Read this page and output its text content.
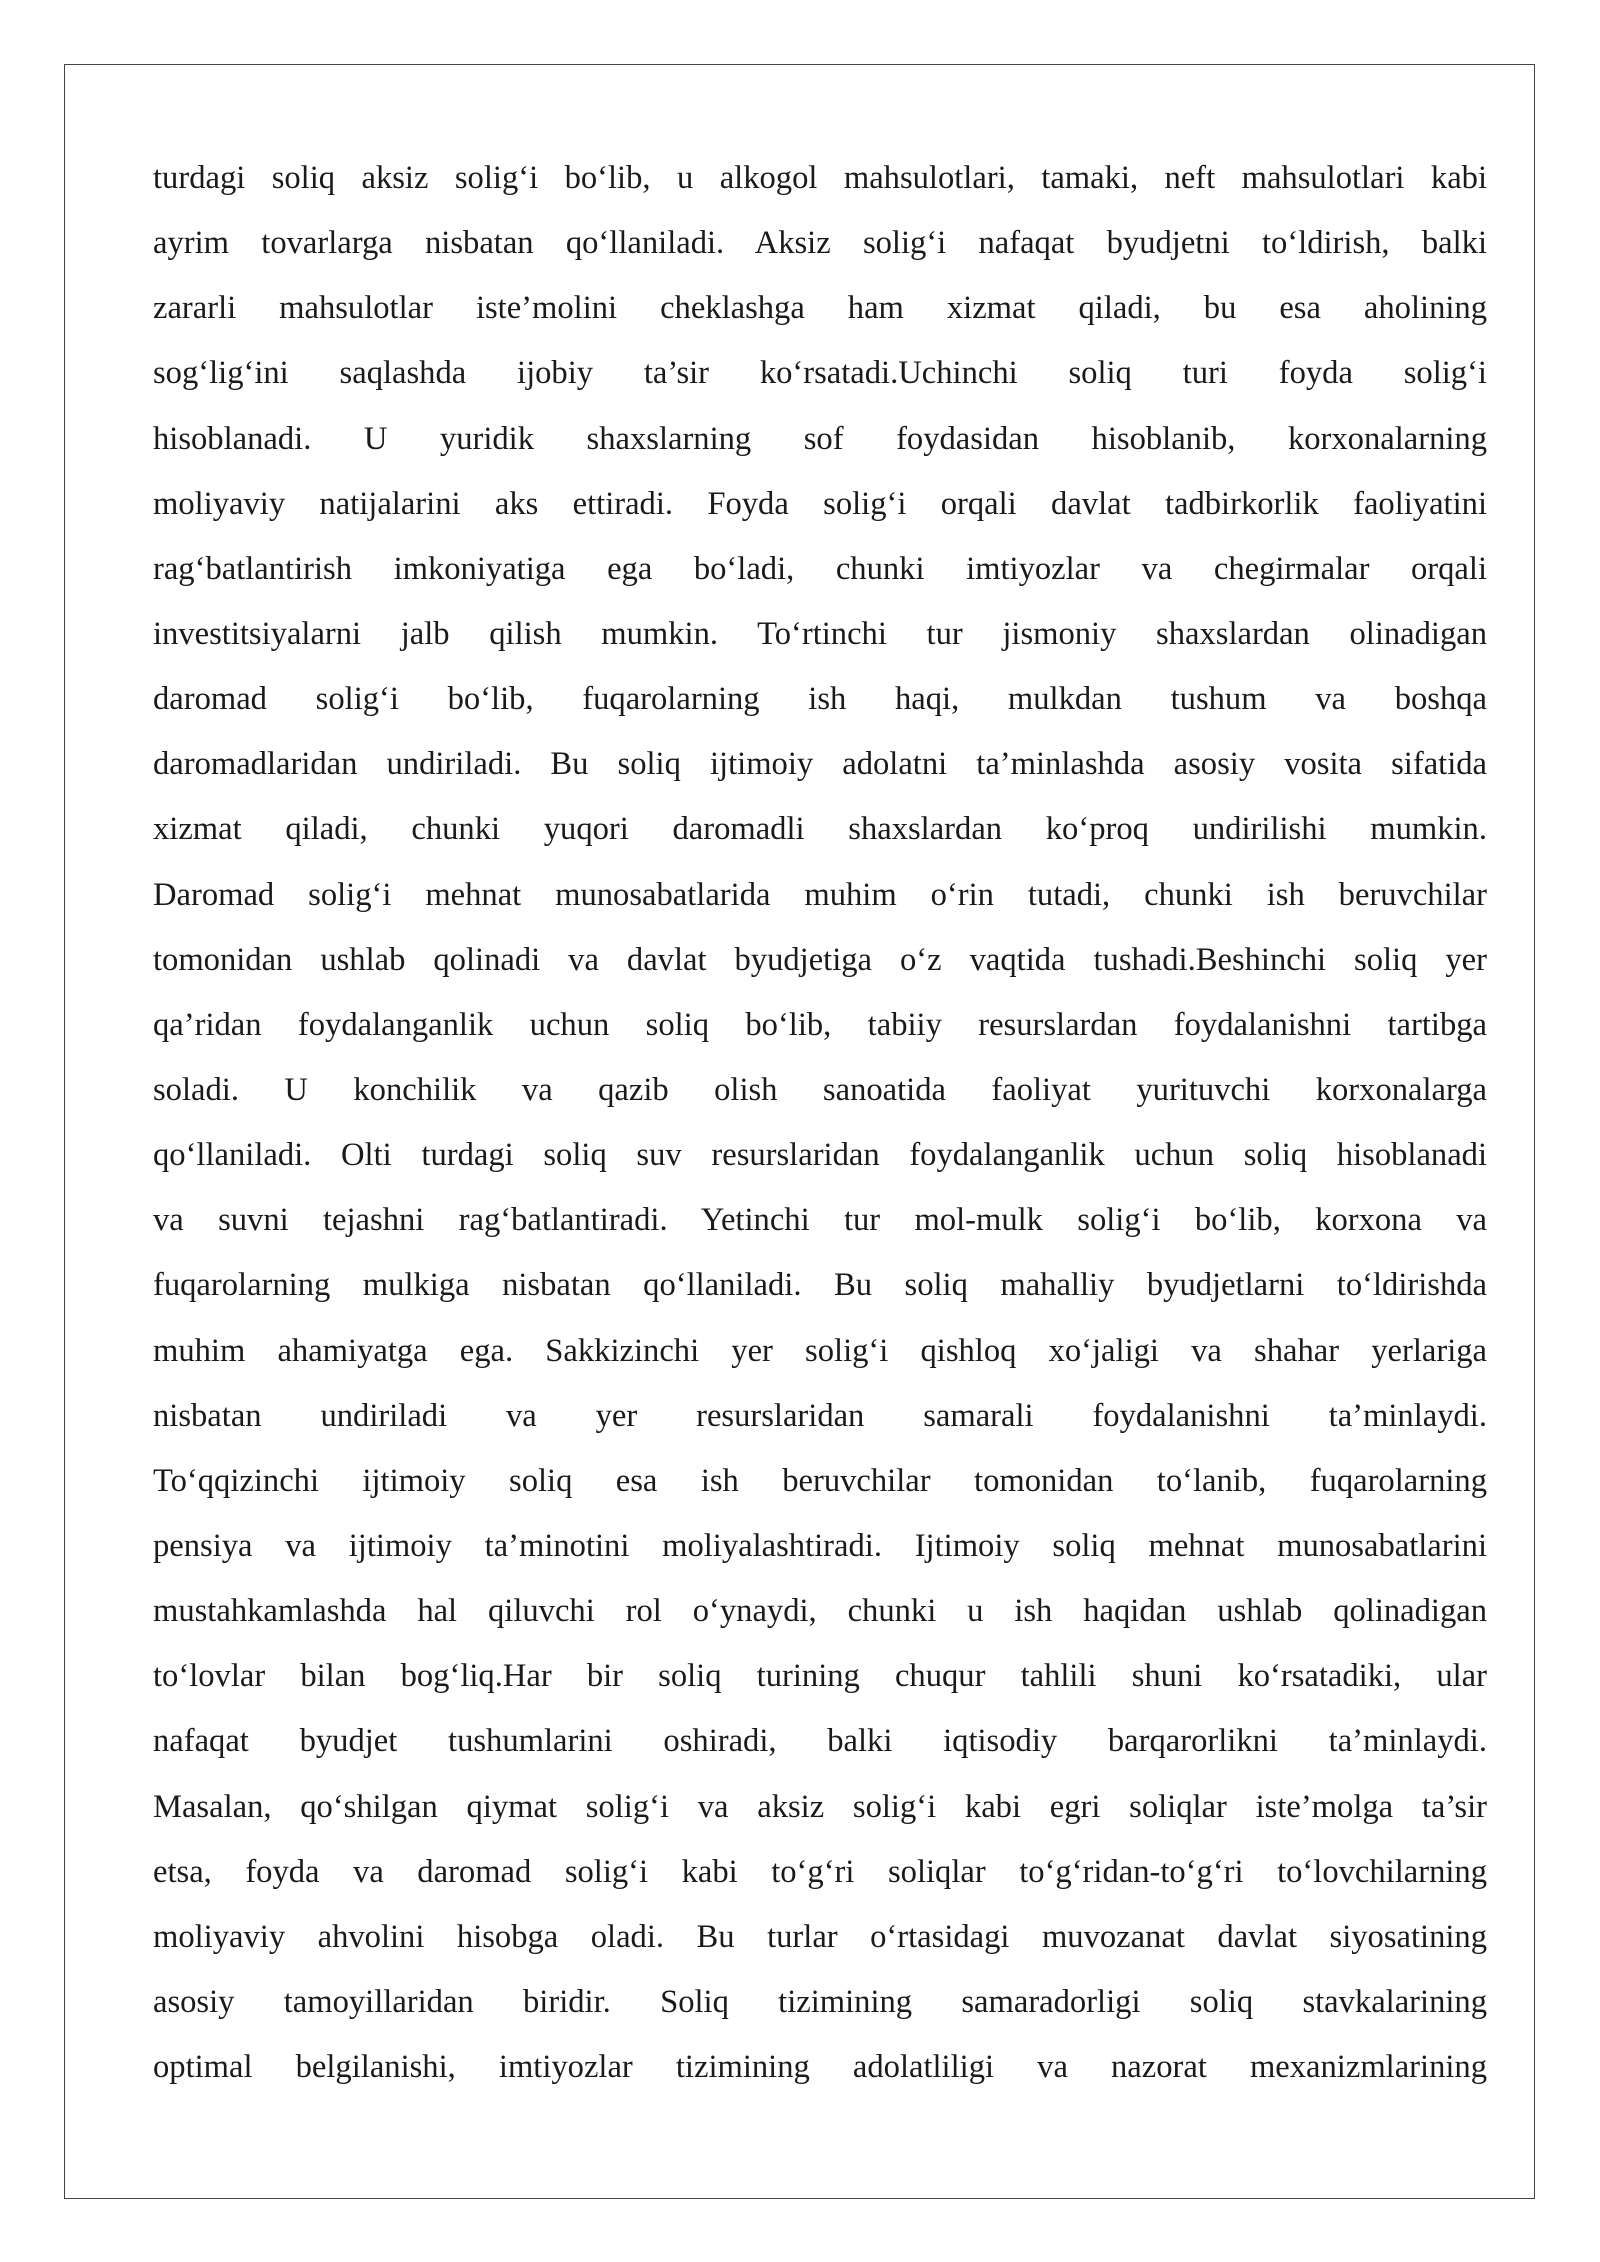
turdagi soliq aksiz solig‘i bo‘lib, u alkogol mahsulotlari, tamaki, neft mahsulotlari kabi
ayrim tovarlarga nisbatan qo‘llaniladi. Aksiz solig‘i nafaqat byudjetni to‘ldirish, balki
zararli mahsulotlar iste’molini cheklashga ham xizmat qiladi, bu esa aholining
sog‘lig‘ini saqlashda ijobiy ta’sir ko‘rsatadi.Uchinchi soliq turi foyda solig‘i
hisoblanadi. U yuridik shaxslarning sof foydasidan hisoblanib, korxonalarning
moliyaviy natijalarini aks ettiradi. Foyda solig‘i orqali davlat tadbirkorlik faoliyatini
rag‘batlantirish imkoniyatiga ega bo‘ladi, chunki imtiyozlar va chegirmalar orqali
investitsiyalarni jalb qilish mumkin. To‘rtinchi tur jismoniy shaxslardan olinadigan
daromad solig‘i bo‘lib, fuqarolarning ish haqi, mulkdan tushum va boshqa
daromadlaridan undiriladi. Bu soliq ijtimoiy adolatni ta’minlashda asosiy vosita sifatida
xizmat qiladi, chunki yuqori daromadli shaxslardan ko‘proq undirilishi mumkin.
Daromad solig‘i mehnat munosabatlarida muhim o‘rin tutadi, chunki ish beruvchilar
tomonidan ushlab qolinadi va davlat byudjetiga o‘z vaqtida tushadi.Beshinchi soliq yer
qa’ridan foydalanganlik uchun soliq bo‘lib, tabiiy resurslardan foydalanishni tartibga
soladi. U konchilik va qazib olish sanoatida faoliyat yurituvchi korxonalarga
qo‘llaniladi. Olti turdagi soliq suv resurslaridan foydalanganlik uchun soliq hisoblanadi
va suvni tejashni rag‘batlantiradi. Yetinchi tur mol-mulk solig‘i bo‘lib, korxona va
fuqarolarning mulkiga nisbatan qo‘llaniladi. Bu soliq mahalliy byudjetlarni to‘ldirishda
muhim ahamiyatga ega. Sakkizinchi yer solig‘i qishloq xo‘jaligi va shahar yerlariga
nisbatan undiriladi va yer resurslaridan samarali foydalanishni ta’minlaydi.
To‘qqizinchi ijtimoiy soliq esa ish beruvchilar tomonidan to‘lanib, fuqarolarning
pensiya va ijtimoiy ta’minotini moliyalashtiradi. Ijtimoiy soliq mehnat munosabatlarini
mustahkamlashda hal qiluvchi rol o‘ynaydi, chunki u ish haqidan ushlab qolinadigan
to‘lovlar bilan bog‘liq.Har bir soliq turining chuqur tahlili shuni ko‘rsatadiki, ular
nafaqat byudjet tushumlarini oshiradi, balki iqtisodiy barqarorlikni ta’minlaydi.
Masalan, qo‘shilgan qiymat solig‘i va aksiz solig‘i kabi egri soliqlar iste’molga ta’sir
etsa, foyda va daromad solig‘i kabi to‘g‘ri soliqlar to‘g‘ridan-to‘g‘ri to‘lovchilarning
moliyaviy ahvolini hisobga oladi. Bu turlar o‘rtasidagi muvozanat davlat siyosatining
asosiy tamoyillaridan biridir. Soliq tizimining samaradorligi soliq stavkalarining
optimal belgilanishi, imtiyozlar tizimining adolatliligi va nazorat mexanizmlarining
